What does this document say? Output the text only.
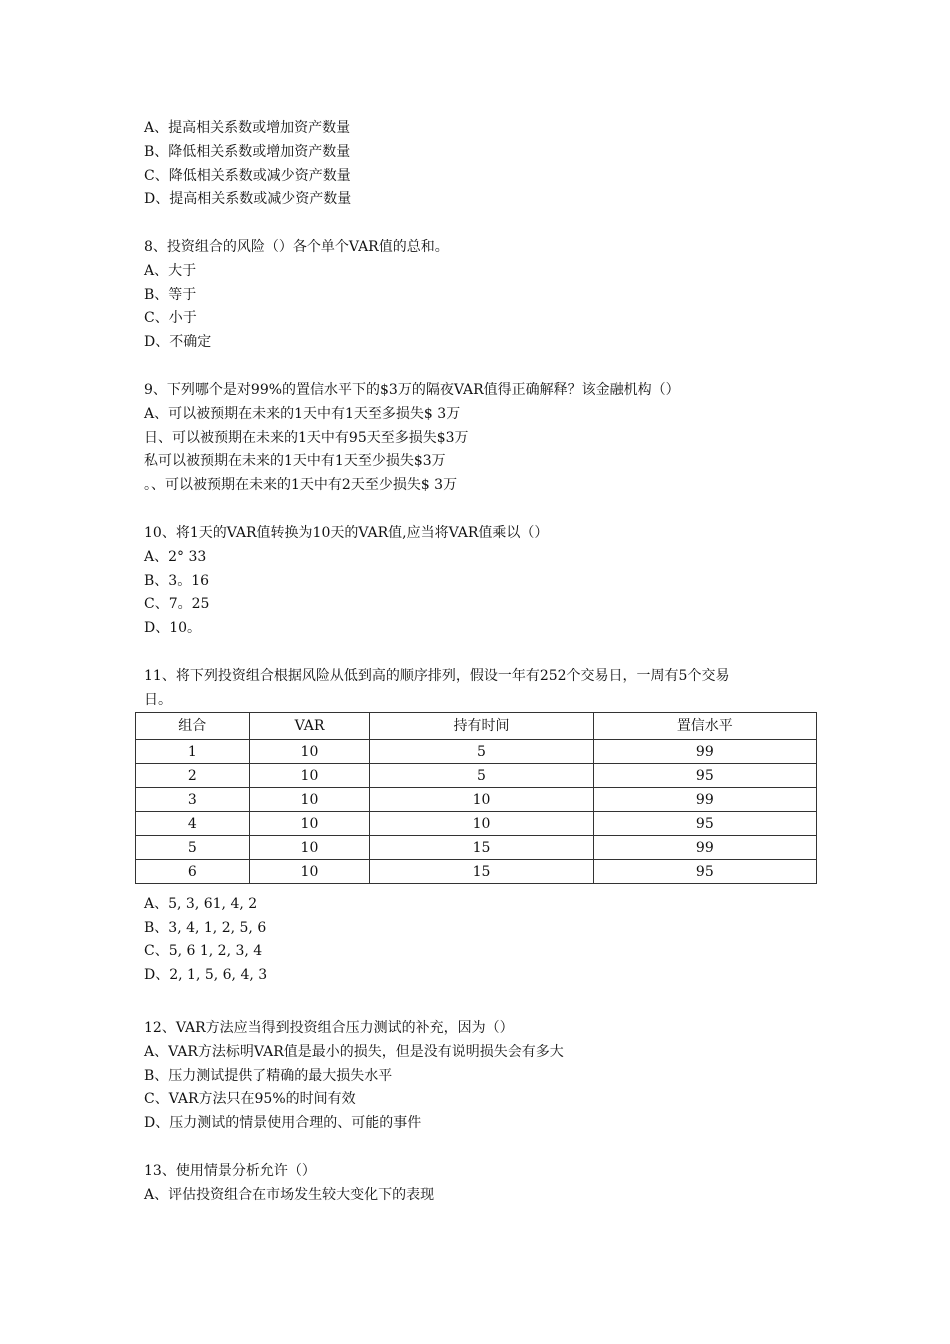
A、提高相关系数或增加资产数量
B、降低相关系数或增加资产数量
C、降低相关系数或减少资产数量
D、提高相关系数或减少资产数量
8、投资组合的风险（）各个单个VAR值的总和。
A、大于
B、等于
C、小于
D、不确定
9、下列哪个是对99%的置信水平下的$3万的隔夜VAR值得正确解释？该金融机构（）
A、可以被预期在未来的1天中有1天至多损失$ 3万
日、可以被预期在未来的1天中有95天至多损失$3万
私可以被预期在未来的1天中有1天至少损失$3万
。、可以被预期在未来的1天中有2天至少损失$ 3万
10、将1天的VAR值转换为10天的VAR值,应当将VAR值乘以（）
A、2° 33
B、3。16
C、7。25
D、10。
11、将下列投资组合根据风险从低到高的顺序排列，假设一年有252个交易日，一周有5个交易
日。
组合	VAR	持有时间	置信水平
1	10	5	99
2	10	5	95
3	10	10	99
4	10	10	95
5	10	15	99
6	10	15	95
A、5, 3, 61, 4, 2
B、3, 4, 1, 2, 5, 6
C、5, 6 1, 2, 3, 4
D、2, 1, 5, 6, 4, 3
12、VAR方法应当得到投资组合压力测试的补充，因为（）
A、VAR方法标明VAR值是最小的损失，但是没有说明损失会有多大
B、压力测试提供了精确的最大损失水平
C、VAR方法只在95%的时间有效
D、压力测试的情景使用合理的、可能的事件
13、使用情景分析允许（）
A、评估投资组合在市场发生较大变化下的表现
